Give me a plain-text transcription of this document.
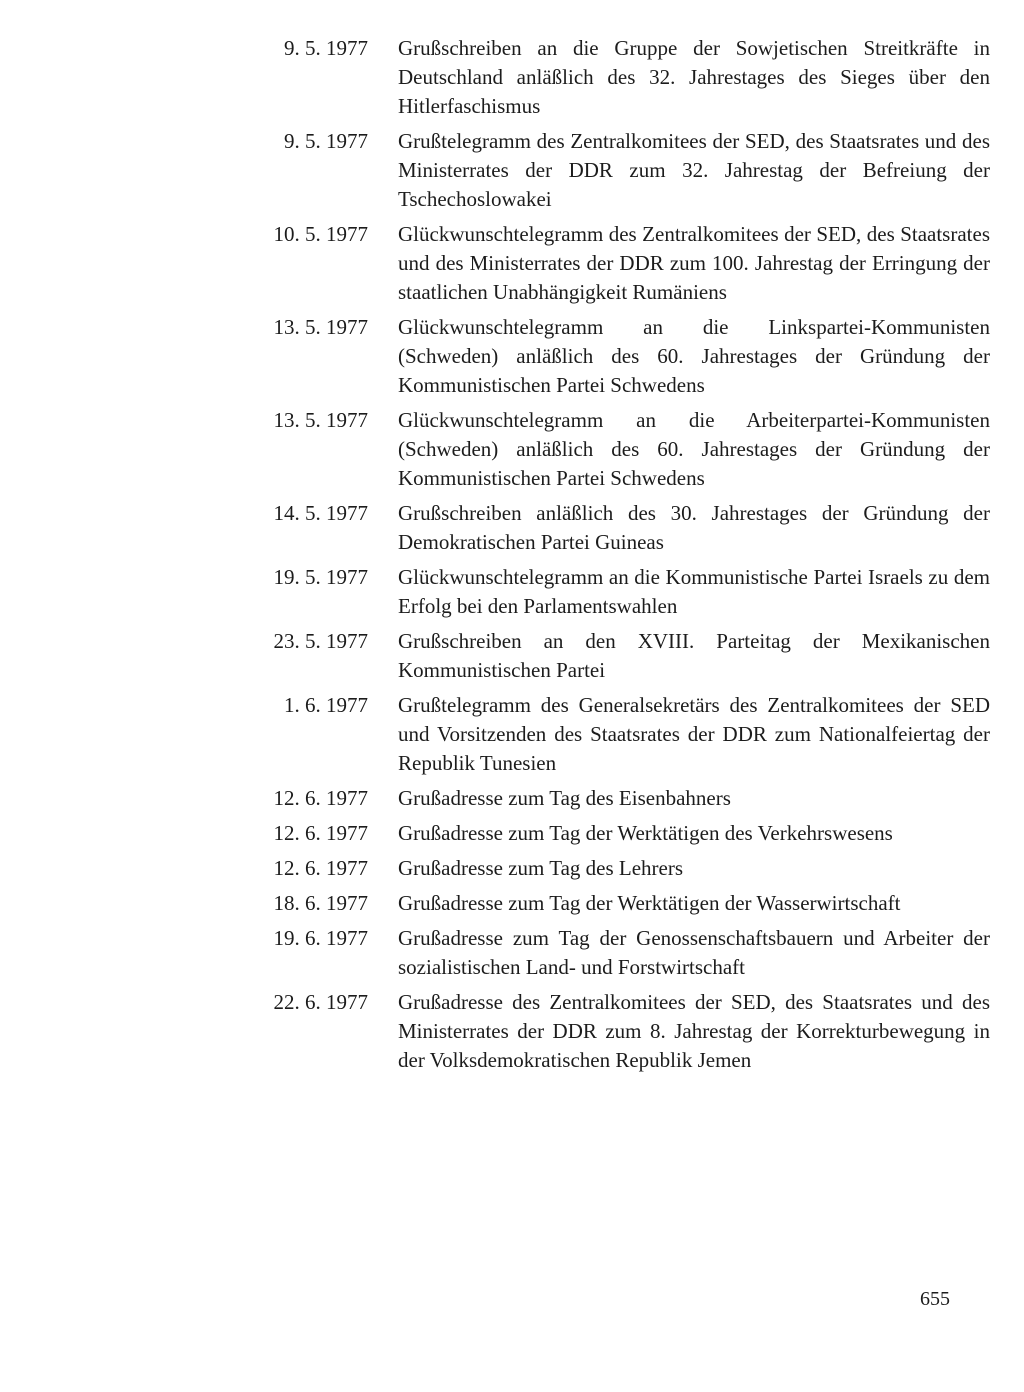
9. 5. 1977	Grußschreiben an die Gruppe der Sowjetischen Streitkräfte in Deutschland anläßlich des 32. Jahrestages des Sieges über den Hitlerfaschismus
9. 5. 1977	Grußtelegramm des Zentralkomitees der SED, des Staatsrates und des Ministerrates der DDR zum 32. Jahrestag der Befreiung der Tschechoslowakei
10. 5. 1977	Glückwunschtelegramm des Zentralkomitees der SED, des Staatsrates und des Ministerrates der DDR zum 100. Jahrestag der Erringung der staatlichen Unabhängigkeit Rumäniens
13. 5. 1977	Glückwunschtelegramm an die Linkspartei-Kommunisten (Schweden) anläßlich des 60. Jahrestages der Gründung der Kommunistischen Partei Schwedens
13. 5. 1977	Glückwunschtelegramm an die Arbeiterpartei-Kommunisten (Schweden) anläßlich des 60. Jahrestages der Gründung der Kommunistischen Partei Schwedens
14. 5. 1977	Grußschreiben anläßlich des 30. Jahrestages der Gründung der Demokratischen Partei Guineas
19. 5. 1977	Glückwunschtelegramm an die Kommunistische Partei Israels zu dem Erfolg bei den Parlamentswahlen
23. 5. 1977	Grußschreiben an den XVIII. Parteitag der Mexikanischen Kommunistischen Partei
1. 6. 1977	Grußtelegramm des Generalsekretärs des Zentralkomitees der SED und Vorsitzenden des Staatsrates der DDR zum Nationalfeiertag der Republik Tunesien
12. 6. 1977	Grußadresse zum Tag des Eisenbahners
12. 6. 1977	Grußadresse zum Tag der Werktätigen des Verkehrswesens
12. 6. 1977	Grußadresse zum Tag des Lehrers
18. 6. 1977	Grußadresse zum Tag der Werktätigen der Wasserwirtschaft
19. 6. 1977	Grußadresse zum Tag der Genossenschaftsbauern und Arbeiter der sozialistischen Land- und Forstwirtschaft
22. 6. 1977	Grußadresse des Zentralkomitees der SED, des Staatsrates und des Ministerrates der DDR zum 8. Jahrestag der Korrekturbewegung in der Volksdemokratischen Republik Jemen
655
